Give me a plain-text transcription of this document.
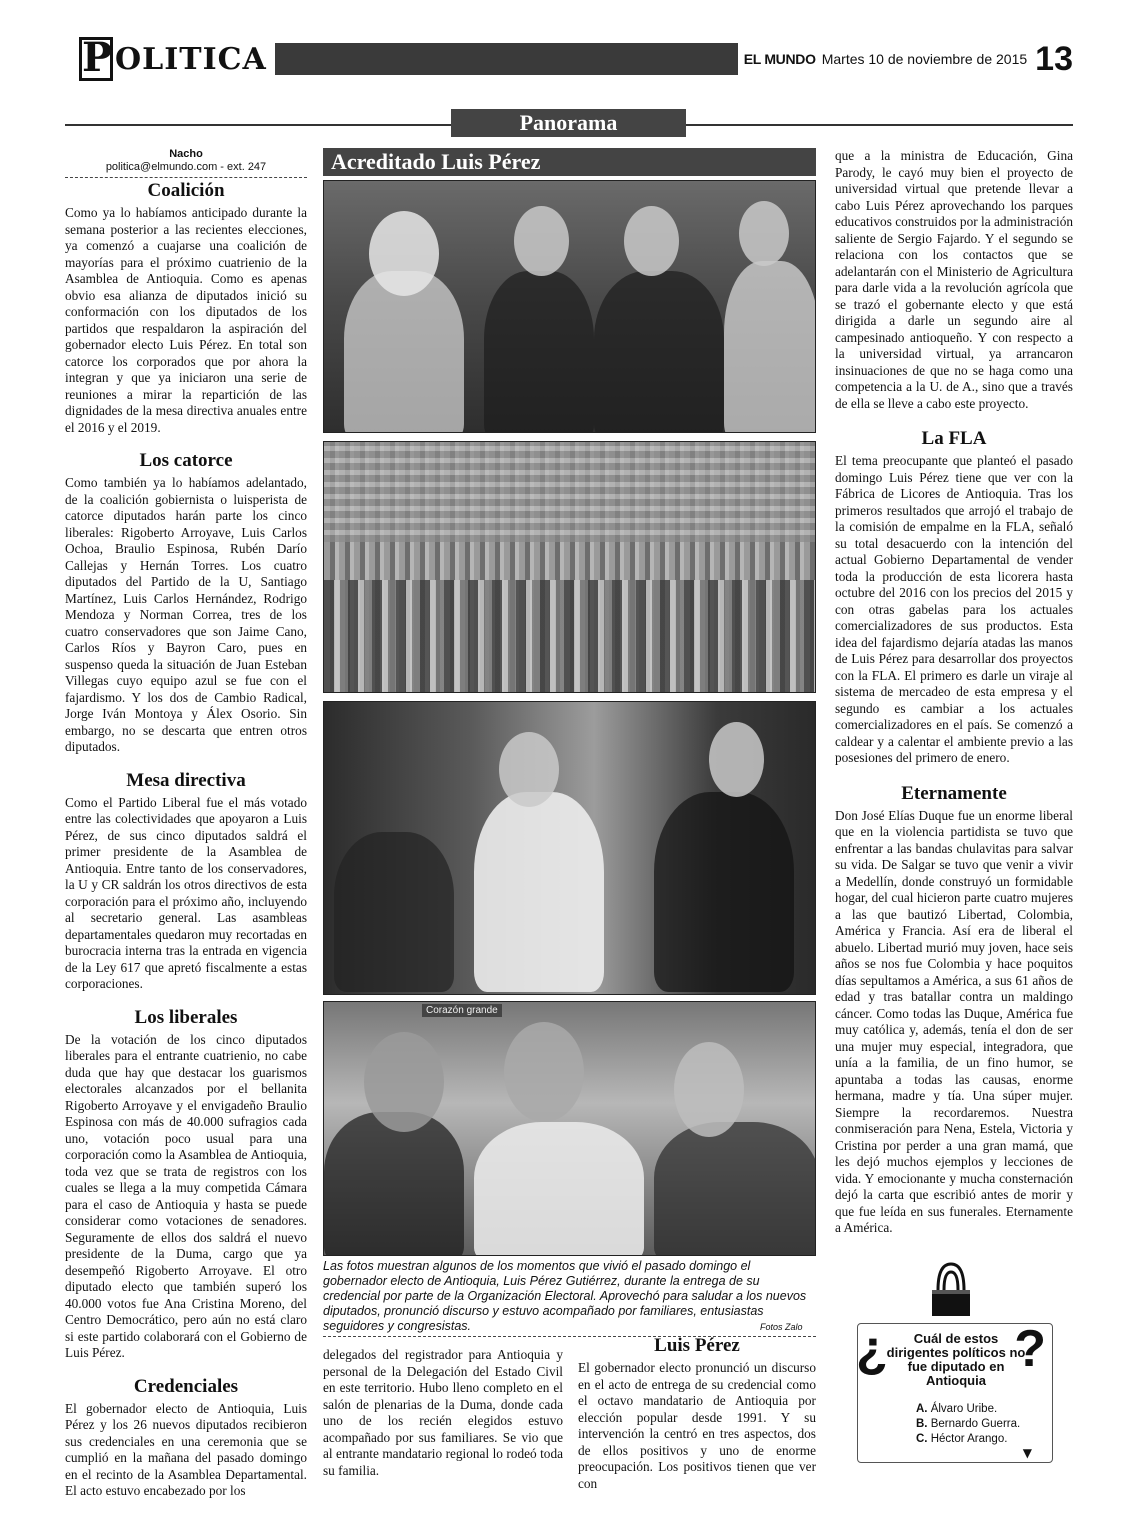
P OLITICA	EL MUNDO Martes 10 de noviembre de 2015 13
Panorama
Nacho
politica@elmundo.com - ext. 247
Coalición

Como ya lo habíamos anticipado durante la semana posterior a las recientes elecciones, ya comenzó a cuajarse una coalición de mayorías para el próximo cuatrienio de la Asamblea de Antioquia. Como es apenas obvio esa alianza de diputados inició su conformación con los diputados de los partidos que respaldaron la aspiración del gobernador electo Luis Pérez. En total son catorce los corporados que por ahora la integran y que ya iniciaron una serie de reuniones a mirar la repartición de las dignidades de la mesa directiva anuales entre el 2016 y el 2019.

Los catorce

Como también ya lo habíamos adelantado, de la coalición gobiernista o luisperista de catorce diputados harán parte los cinco liberales: Rigoberto Arroyave, Luis Carlos Ochoa, Braulio Espinosa, Rubén Darío Callejas y Hernán Torres. Los cuatro diputados del Partido de la U, Santiago Martínez, Luis Carlos Hernández, Rodrigo Mendoza y Norman Correa, tres de los cuatro conservadores que son Jaime Cano, Carlos Ríos y Bayron Caro, pues en suspenso queda la situación de Juan Esteban Villegas cuyo equipo azul se fue con el fajardismo. Y los dos de Cambio Radical, Jorge Iván Montoya y Álex Osorio. Sin embargo, no se descarta que entren otros diputados.

Mesa directiva

Como el Partido Liberal fue el más votado entre las colectividades que apoyaron a Luis Pérez, de sus cinco diputados saldrá el primer presidente de la Asamblea de Antioquia. Entre tanto de los conservadores, la U y CR saldrán los otros directivos de esta corporación para el próximo año, incluyendo al secretario general. Las asambleas departamentales quedaron muy recortadas en burocracia interna tras la entrada en vigencia de la Ley 617 que apretó fiscalmente a estas corporaciones.

Los liberales

De la votación de los cinco diputados liberales para el entrante cuatrienio, no cabe duda que hay que destacar los guarismos electorales alcanzados por el bellanita Rigoberto Arroyave y el envigadeño Braulio Espinosa con más de 40.000 sufragios cada uno, votación poco usual para una corporación como la Asamblea de Antioquia, toda vez que se trata de registros con los cuales se llega a la muy competida Cámara para el caso de Antioquia y hasta se puede considerar como votaciones de senadores. Seguramente de ellos dos saldrá el nuevo presidente de la Duma, cargo que ya desempeñó Rigoberto Arroyave. El otro diputado electo que también superó los 40.000 votos fue Ana Cristina Moreno, del Centro Democrático, pero aún no está claro si este partido colaborará con el Gobierno de Luis Pérez.

Credenciales

El gobernador electo de Antioquia, Luis Pérez y los 26 nuevos diputados recibieron sus credenciales en una ceremonia que se cumplió en la mañana del pasado domingo en el recinto de la Asamblea Departamental. El acto estuvo encabezado por los

Acreditado Luis Pérez
Corazón grande
Las fotos muestran algunos de los momentos que vivió el pasado domingo el gobernador electo de Antioquia, Luis Pérez Gutiérrez, durante la entrega de su credencial por parte de la Organización Electoral. Aprovechó para saludar a los nuevos diputados, pronunció discurso y estuvo acompañado por familiares, entusiastas seguidores y congresistas.	Fotos Zalo

delegados del registrador para Antioquia y personal de la Delegación del Estado Civil en este territorio. Hubo lleno completo en el salón de plenarias de la Duma, donde cada uno de los recién elegidos estuvo acompañado por sus familiares. Se vio que al entrante mandatario regional lo rodeó toda su familia.

Luis Pérez

El gobernador electo pronunció un discurso en el acto de entrega de su credencial como el octavo mandatario de Antioquia por elección popular desde 1991. Y su intervención la centró en tres aspectos, dos de ellos positivos y uno de enorme preocupación. Los positivos tienen que ver con

que a la ministra de Educación, Gina Parody, le cayó muy bien el proyecto de universidad virtual que pretende llevar a cabo Luis Pérez aprovechando los parques educativos construidos por la administración saliente de Sergio Fajardo. Y el segundo se relaciona con los contactos que se adelantarán con el Ministerio de Agricultura para darle vida a la revolución agrícola que se trazó el gobernante electo y que está dirigida a darle un segundo aire al campesinado antioqueño. Y con respecto a la universidad virtual, ya arrancaron insinuaciones de que no se haga como una competencia a la U. de A., sino que a través de ella se lleve a cabo este proyecto.

La FLA

El tema preocupante que planteó el pasado domingo Luis Pérez tiene que ver con la Fábrica de Licores de Antioquia. Tras los primeros resultados que arrojó el trabajo de la comisión de empalme en la FLA, señaló su total desacuerdo con la intención del actual Gobierno Departamental de vender toda la producción de esta licorera hasta octubre del 2016 con los precios del 2015 y con otras gabelas para los actuales comercializadores de sus productos. Esta idea del fajardismo dejaría atadas las manos de Luis Pérez para desarrollar dos proyectos con la FLA. El primero es darle un viraje al sistema de mercadeo de esta empresa y el segundo es cambiar a los actuales comercializadores en el país. Se comenzó a caldear y a calentar el ambiente previo a las posesiones del primero de enero.

Eternamente

Don José Elías Duque fue un enorme liberal que en la violencia partidista se tuvo que enfrentar a las bandas chulavitas para salvar su vida. De Salgar se tuvo que venir a vivir a Medellín, donde construyó un formidable hogar, del cual hicieron parte cuatro mujeres a las que bautizó Libertad, Colombia, América y Francia. Así era de liberal el abuelo. Libertad murió muy joven, hace seis años se nos fue Colombia y hace poquitos días sepultamos a América, a sus 61 años de edad y tras batallar contra un maldingo cáncer. Como todas las Duque, América fue muy católica y, además, tenía el don de ser una mujer muy especial, integradora, que unía a la familia, de un fino humor, se apuntaba a todas las causas, enorme hermana, madre y tía. Una súper mujer. Siempre la recordaremos. Nuestra conmiseración para Nena, Estela, Victoria y Cristina por perder a una gran mamá, que les dejó muchos ejemplos y lecciones de vida. Y emocionante y mucha consternación dejó la carta que escribió antes de morir y que fue leída en sus funerales. Eternamente a América.

¿ ?
Cuál de estos dirigentes políticos no fue diputado en Antioquia
A. Álvaro Uribe.
B. Bernardo Guerra.
C. Héctor Arango.
▼
